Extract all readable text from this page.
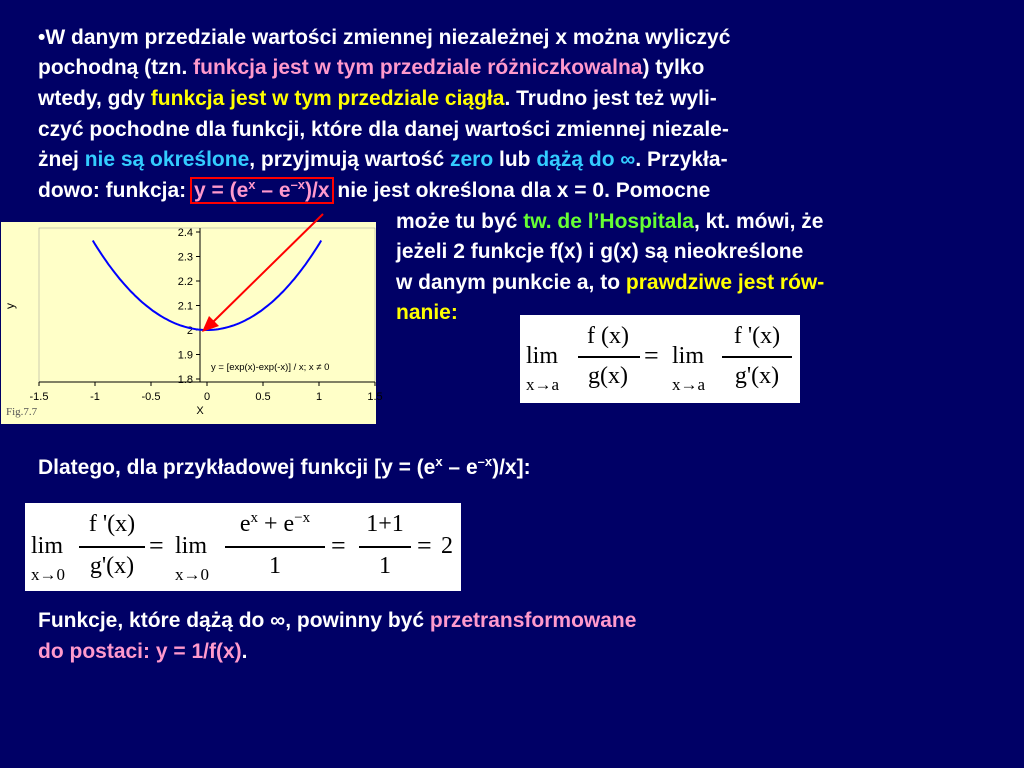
•W danym przedziale wartości zmiennej niezależnej x można wyliczyć
pochodną (tzn. funkcja jest w tym przedziale różniczkowalna) tylko
wtedy, gdy funkcja jest w tym przedziale ciągła. Trudno jest też wyli-
czyć pochodne dla funkcji, które dla danej wartości zmiennej niezale-
żnej nie są określone, przyjmują wartość zero lub dążą do ∞. Przykła-
dowo: funkcja: $y = (e^x - e^{-x})/x$ nie jest określona dla x = 0. Pomocne
może tu być tw. de l’Hospitala, kt. mówi, że
jeżeli 2 funkcje f(x) i g(x) są nieokreślone
w danym punkcie a, to prawdziwe jest rów-
nanie:
2.4
2.3
2.2
2.1
2
1.9
1.8
-1.5	-1	-0.5	0	0.5	1	1.5
y
X
Fig.7.7
y = [exp(x)-exp(-x)] / x; x ≠ 0	lim
x→a
f (x)
g(x)
= lim
x→a
f '(x)
g'(x)
Dlatego, dla przykładowej funkcji $[y = (e^x - e^{-x})/x]$:
lim
x→0
f '(x)
g'(x)
= lim
x→0
$e^x + e^{-x}$
1
=
1+1
1
= 2
Funkcje, które dążą do ∞, powinny być przetransformowane
do postaci: y = 1/f(x).
